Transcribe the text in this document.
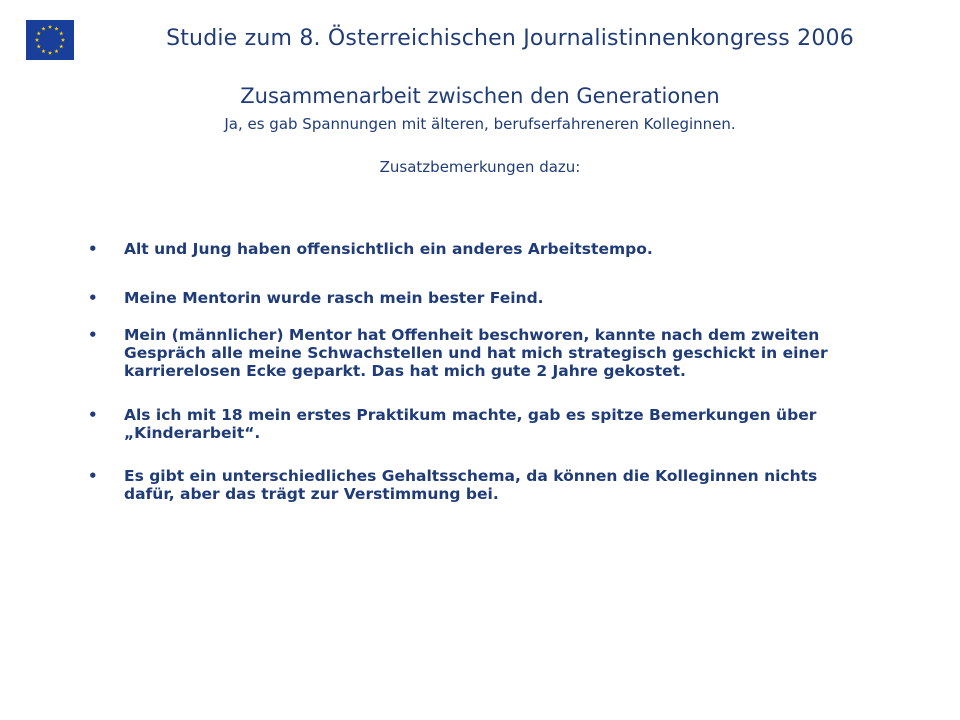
Studie zum 8. Österreichischen Journalistinnenkongress 2006
Zusammenarbeit zwischen den Generationen
Ja, es gab Spannungen mit älteren, berufserfahreneren Kolleginnen.
Zusatzbemerkungen dazu:
• Alt und Jung haben offensichtlich ein anderes Arbeitstempo.
• Meine Mentorin wurde rasch mein bester Feind.
• Mein (männlicher) Mentor hat Offenheit beschworen, kannte nach dem zweiten Gespräch alle meine Schwachstellen und hat mich strategisch geschickt in einer karrierelosen Ecke geparkt. Das hat mich gute 2 Jahre gekostet.
• Als ich mit 18 mein erstes Praktikum machte, gab es spitze Bemerkungen über „Kinderarbeit“.
• Es gibt ein unterschiedliches Gehaltsschema, da können die Kolleginnen nichts dafür, aber das trägt zur Verstimmung bei.
